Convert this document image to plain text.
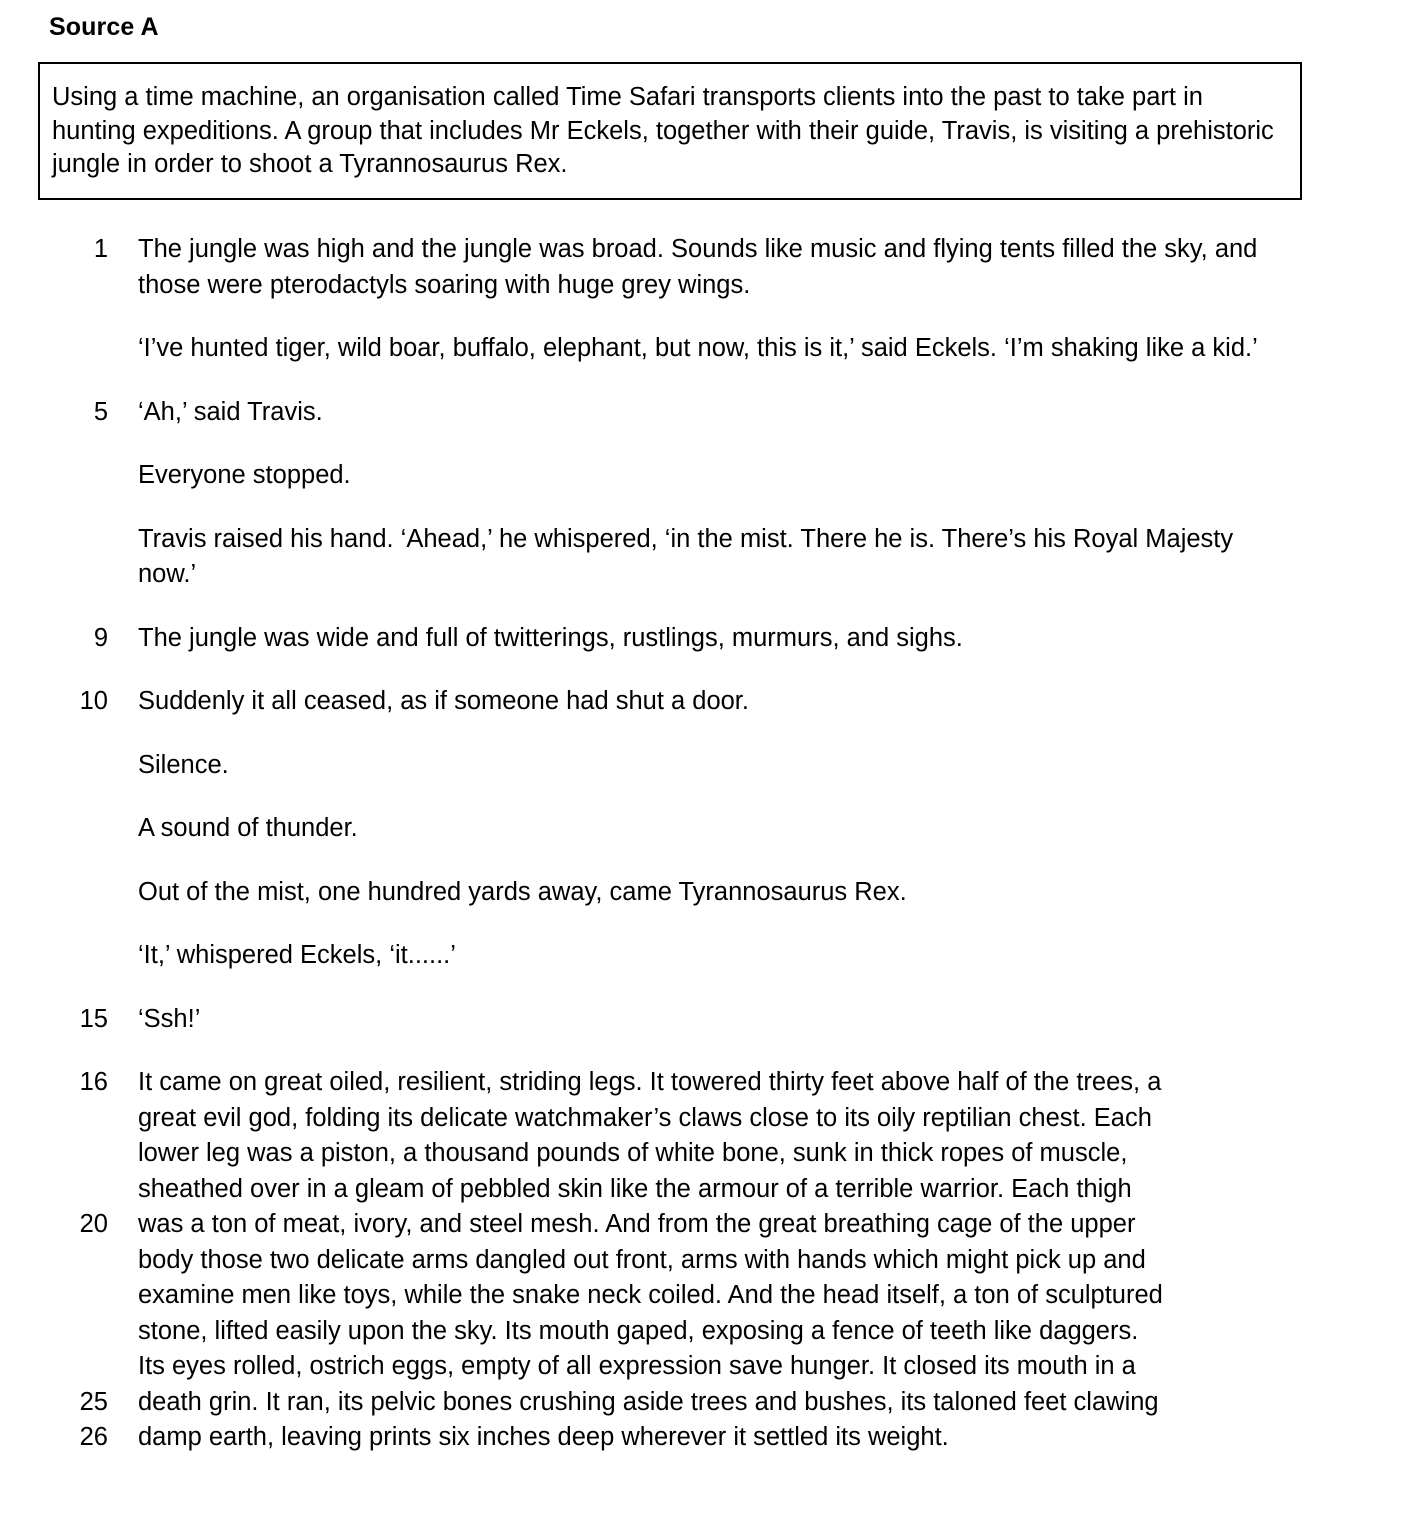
Source A

Using a time machine, an organisation called Time Safari transports clients into the past to take part in hunting expeditions. A group that includes Mr Eckels, together with their guide, Travis, is visiting a prehistoric jungle in order to shoot a Tyrannosaurus Rex.

1 The jungle was high and the jungle was broad. Sounds like music and flying tents filled the sky, and those were pterodactyls soaring with huge grey wings.

‘I’ve hunted tiger, wild boar, buffalo, elephant, but now, this is it,’ said Eckels. ‘I’m shaking like a kid.’
5 ‘Ah,’ said Travis.

Everyone stopped.

Travis raised his hand. ‘Ahead,’ he whispered, ‘in the mist. There he is. There’s his Royal Majesty now.’
9 The jungle was wide and full of twitterings, rustlings, murmurs, and sighs.
10 Suddenly it all ceased, as if someone had shut a door.

Silence.

A sound of thunder.

Out of the mist, one hundred yards away, came Tyrannosaurus Rex.

‘It,’ whispered Eckels, ‘it......’
15 ‘Ssh!’
16

20

25
26
It came on great oiled, resilient, striding legs. It towered thirty feet above half of the trees, a
great evil god, folding its delicate watchmaker’s claws close to its oily reptilian chest. Each
lower leg was a piston, a thousand pounds of white bone, sunk in thick ropes of muscle,
sheathed over in a gleam of pebbled skin like the armour of a terrible warrior. Each thigh
was a ton of meat, ivory, and steel mesh. And from the great breathing cage of the upper
body those two delicate arms dangled out front, arms with hands which might pick up and
examine men like toys, while the snake neck coiled. And the head itself, a ton of sculptured
stone, lifted easily upon the sky. Its mouth gaped, exposing a fence of teeth like daggers.
Its eyes rolled, ostrich eggs, empty of all expression save hunger. It closed its mouth in a
death grin. It ran, its pelvic bones crushing aside trees and bushes, its taloned feet clawing
damp earth, leaving prints six inches deep wherever it settled its weight.
